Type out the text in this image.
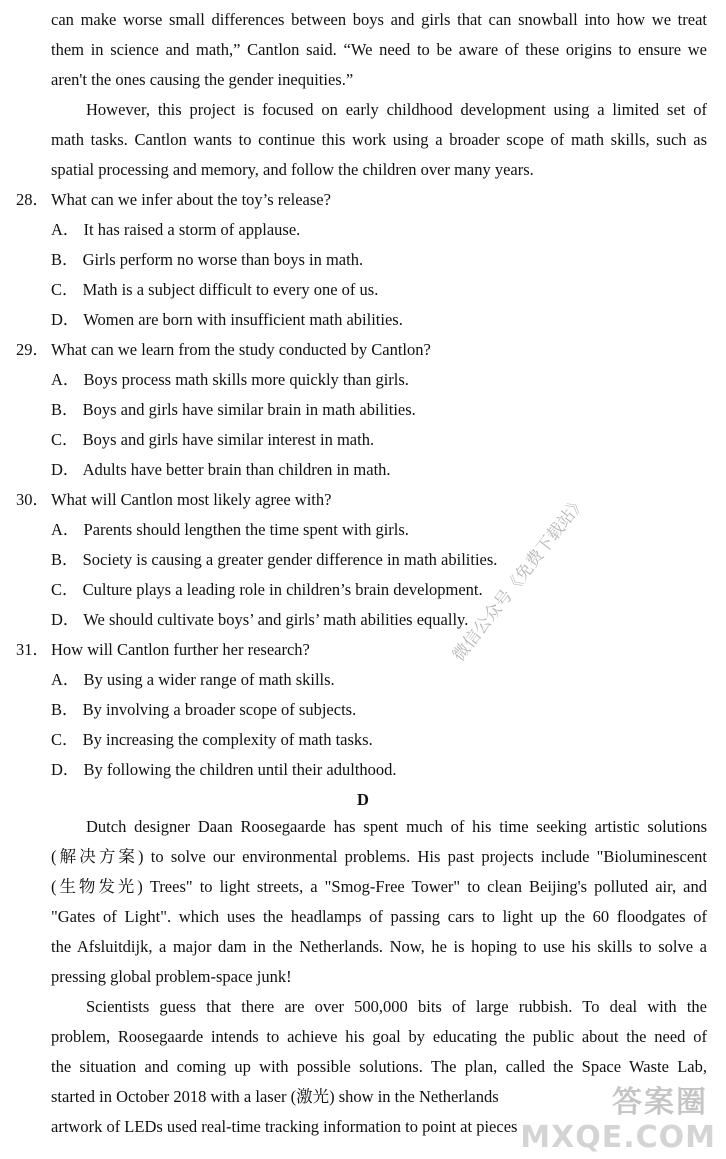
can make worse small differences between boys and girls that can snowball into how we treat
them in science and math,” Cantlon said. “We need to be aware of these origins to ensure we
aren't the ones causing the gender inequities.”
However, this project is focused on early childhood development using a limited set of
math tasks. Cantlon wants to continue this work using a broader scope of math skills, such as
spatial processing and memory, and follow the children over many years.
28． What can we infer about the toy’s release?
A． It has raised a storm of applause.
B． Girls perform no worse than boys in math.
C． Math is a subject difficult to every one of us.
D． Women are born with insufficient math abilities.
29． What can we learn from the study conducted by Cantlon?
A． Boys process math skills more quickly than girls.
B． Boys and girls have similar brain in math abilities.
C． Boys and girls have similar interest in math.
D． Adults have better brain than children in math.
30． What will Cantlon most likely agree with?
A． Parents should lengthen the time spent with girls.
B． Society is causing a greater gender difference in math abilities.
C． Culture plays a leading role in children’s brain development.
D． We should cultivate boys’ and girls’ math abilities equally.
31． How will Cantlon further her research?
A． By using a wider range of math skills.
B． By involving a broader scope of subjects.
C． By increasing the complexity of math tasks.
D． By following the children until their adulthood.
D
Dutch designer Daan Roosegaarde has spent much of his time seeking artistic solutions
(解决方案) to solve our environmental problems. His past projects include "Bioluminescent
(生物发光) Trees" to light streets, a "Smog-Free Tower" to clean Beijing's polluted air, and
"Gates of Light". which uses the headlamps of passing cars to light up the 60 floodgates of
the Afsluitdijk, a major dam in the Netherlands. Now, he is hoping to use his skills to solve a
pressing global problem-space junk!
Scientists guess that there are over 500,000 bits of large rubbish. To deal with the
problem, Roosegaarde intends to achieve his goal by educating the public about the need of
the situation and coming up with possible solutions. The plan, called the Space Waste Lab,
started in October 2018 with a laser (激光) show in the Netherlands
artwork of LEDs used real-time tracking information to point at pieces
微信公众号《免费下载站》
答案圈
MXQE.COM
